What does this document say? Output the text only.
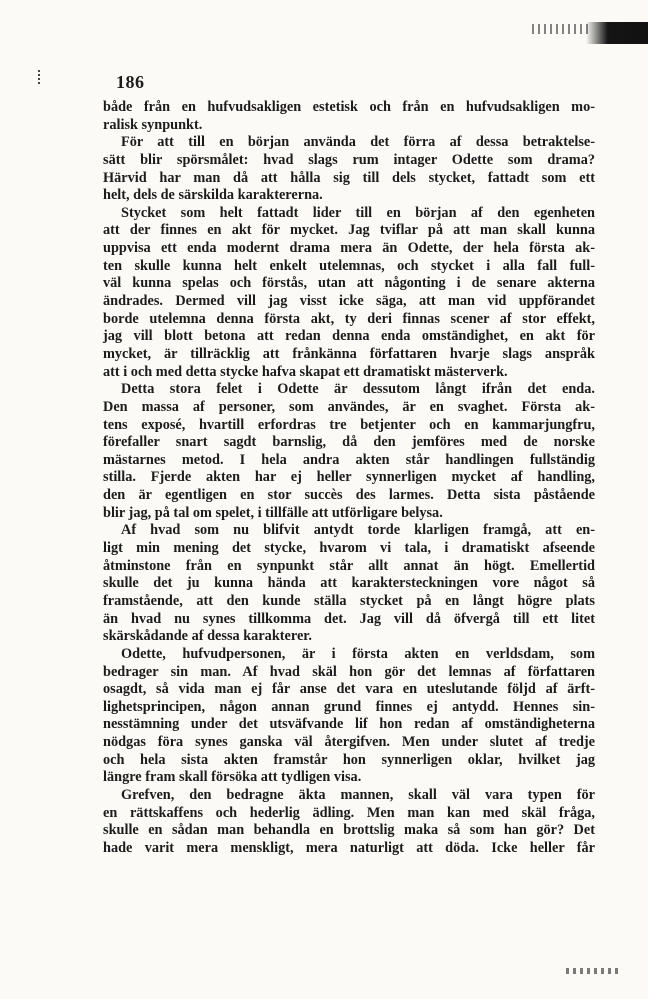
186
både från en hufvudsakligen estetisk och från en hufvudsakligen mo-
ralisk synpunkt.
För att till en början använda det förra af dessa betraktelse-
sätt blir spörsmålet: hvad slags rum intager Odette som drama?
Härvid har man då att hålla sig till dels stycket, fattadt som ett
helt, dels de särskilda karaktererna.
Stycket som helt fattadt lider till en början af den egenheten
att der finnes en akt för mycket. Jag tviflar på att man skall kunna
uppvisa ett enda modernt drama mera än Odette, der hela första ak-
ten skulle kunna helt enkelt utelemnas, och stycket i alla fall full-
väl kunna spelas och förstås, utan att någonting i de senare akterna
ändrades. Dermed vill jag visst icke säga, att man vid uppförandet
borde utelemna denna första akt, ty deri finnas scener af stor effekt,
jag vill blott betona att redan denna enda omständighet, en akt för
mycket, är tillräcklig att frånkänna författaren hvarje slags anspråk
att i och med detta stycke hafva skapat ett dramatiskt mästerverk.
Detta stora felet i Odette är dessutom långt ifrån det enda.
Den massa af personer, som användes, är en svaghet. Första ak-
tens exposé, hvartill erfordras tre betjenter och en kammarjungfru,
förefaller snart sagdt barnslig, då den jemföres med de norske
mästarnes metod. I hela andra akten står handlingen fullständig
stilla. Fjerde akten har ej heller synnerligen mycket af handling,
den är egentligen en stor succès des larmes. Detta sista påstående
blir jag, på tal om spelet, i tillfälle att utförligare belysa.
Af hvad som nu blifvit antydt torde klarligen framgå, att en-
ligt min mening det stycke, hvarom vi tala, i dramatiskt afseende
åtminstone från en synpunkt står allt annat än högt. Emellertid
skulle det ju kunna hända att karaktersteckningen vore något så
framstående, att den kunde ställa stycket på en långt högre plats
än hvad nu synes tillkomma det. Jag vill då öfvergå till ett litet
skärskådande af dessa karakterer.
Odette, hufvudpersonen, är i första akten en verldsdam, som
bedrager sin man. Af hvad skäl hon gör det lemnas af författaren
osagdt, så vida man ej får anse det vara en uteslutande följd af ärft-
lighetsprincipen, någon annan grund finnes ej antydd. Hennes sin-
nesstämning under det utsväfvande lif hon redan af omständigheterna
nödgas föra synes ganska väl återgifven. Men under slutet af tredje
och hela sista akten framstår hon synnerligen oklar, hvilket jag
längre fram skall försöka att tydligen visa.
Grefven, den bedragne äkta mannen, skall väl vara typen för
en rättskaffens och hederlig ädling. Men man kan med skäl fråga,
skulle en sådan man behandla en brottslig maka så som han gör? Det
hade varit mera menskligt, mera naturligt att döda. Icke heller får
